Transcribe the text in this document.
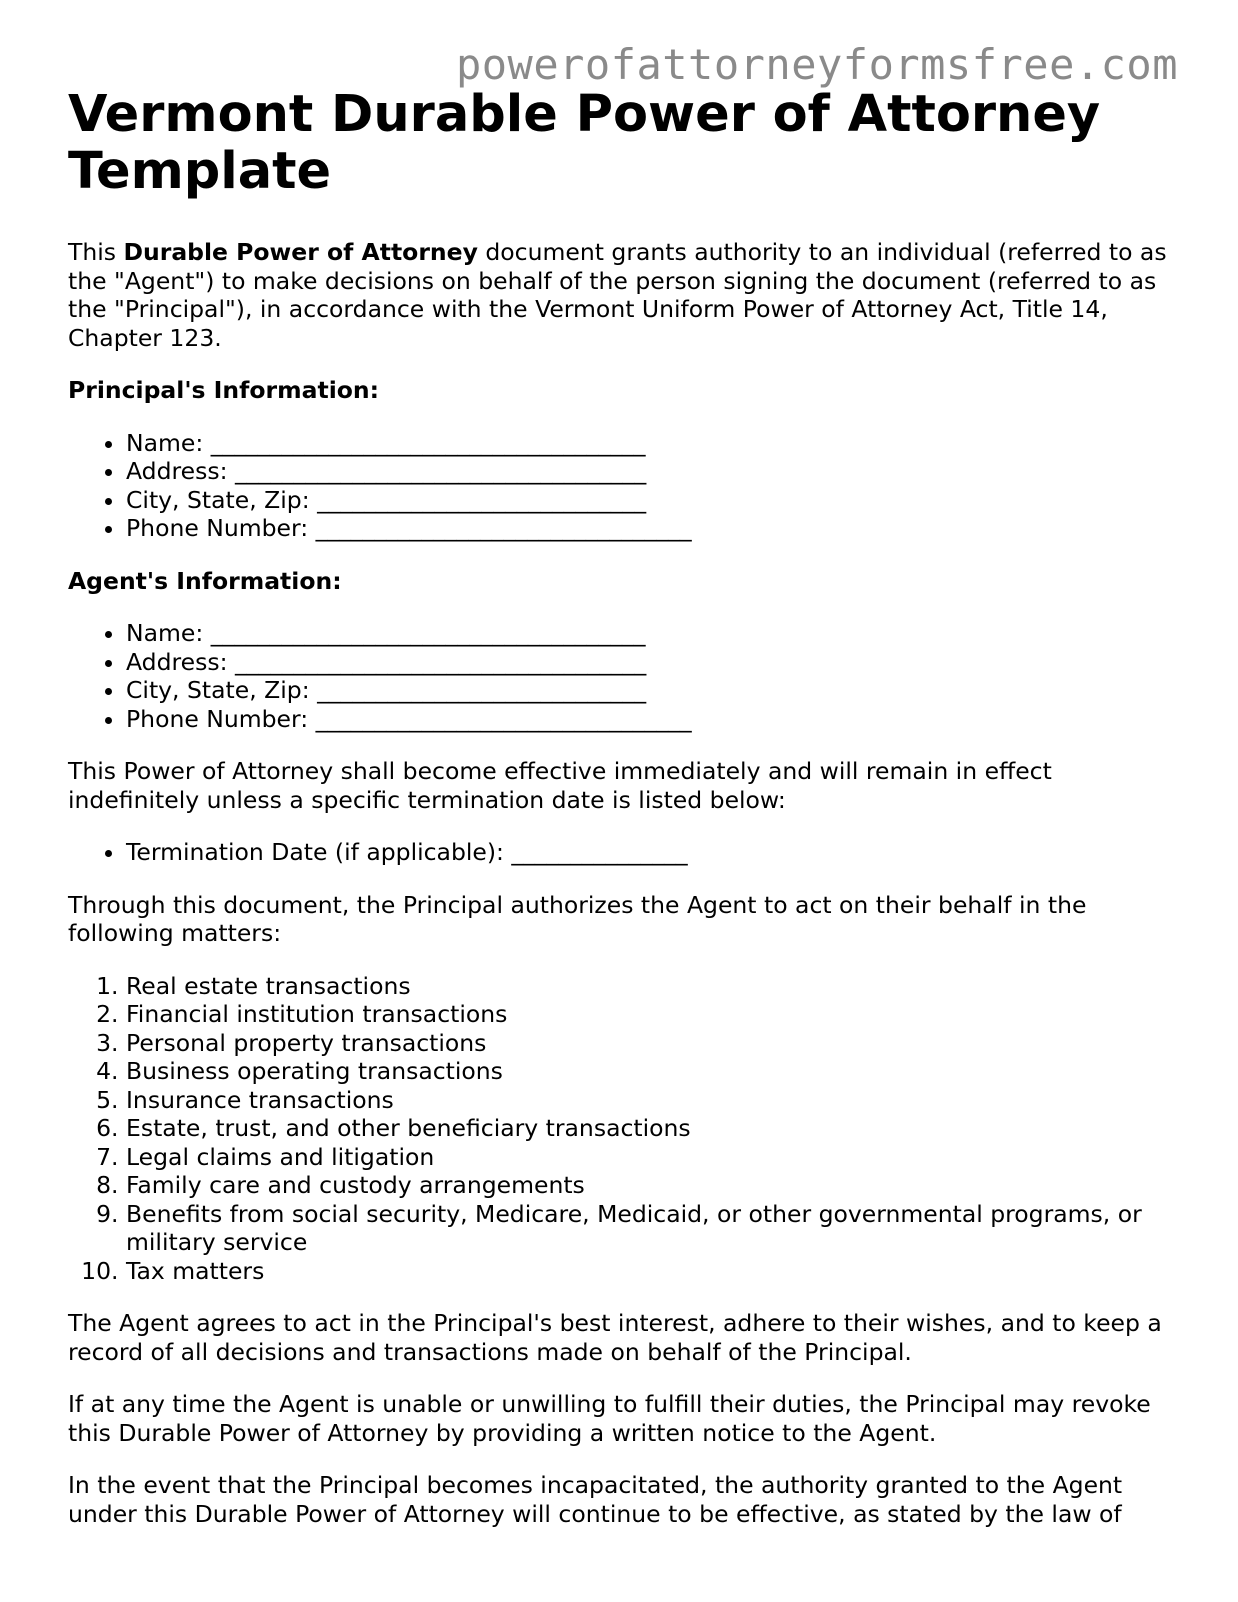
powerofattorneyformsfree.com
Vermont Durable Power of Attorney Template

This Durable Power of Attorney document grants authority to an individual (referred to as the "Agent") to make decisions on behalf of the person signing the document (referred to as the "Principal"), in accordance with the Vermont Uniform Power of Attorney Act, Title 14, Chapter 123.

Principal's Information:
• Name: _____________________________________
• Address: ___________________________________
• City, State, Zip: ____________________________
• Phone Number: ________________________________
Agent's Information:
• Name: _____________________________________
• Address: ___________________________________
• City, State, Zip: ____________________________
• Phone Number: ________________________________

This Power of Attorney shall become effective immediately and will remain in effect indefinitely unless a specific termination date is listed below:

• Termination Date (if applicable): _______________

Through this document, the Principal authorizes the Agent to act on their behalf in the following matters:

1. Real estate transactions
2. Financial institution transactions
3. Personal property transactions
4. Business operating transactions
5. Insurance transactions
6. Estate, trust, and other beneficiary transactions
7. Legal claims and litigation
8. Family care and custody arrangements
9. Benefits from social security, Medicare, Medicaid, or other governmental programs, or military service
10. Tax matters

The Agent agrees to act in the Principal's best interest, adhere to their wishes, and to keep a record of all decisions and transactions made on behalf of the Principal.

If at any time the Agent is unable or unwilling to fulfill their duties, the Principal may revoke this Durable Power of Attorney by providing a written notice to the Agent.

In the event that the Principal becomes incapacitated, the authority granted to the Agent under this Durable Power of Attorney will continue to be effective, as stated by the law of
